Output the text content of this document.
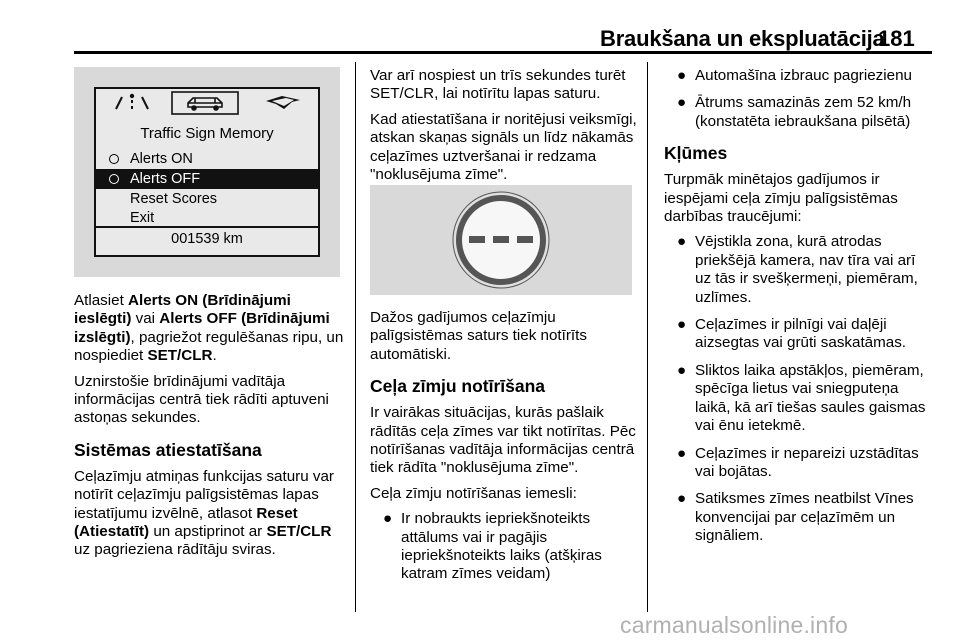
Braukšana un ekspluatācija
181
Traffic Sign Memory
Alerts ON
Alerts OFF
Reset Scores
Exit
001539 km

Atlasiet Alerts ON (Brīdinājumi ieslēgti) vai Alerts OFF (Brīdinājumi izslēgti), pagriežot regulēšanas ripu, un nospiediet SET/CLR.

Uznirstošie brīdinājumi vadītāja informācijas centrā tiek rādīti aptuveni astoņas sekundes.

Sistēmas atiestatīšana

Ceļazīmju atmiņas funkcijas saturu var notīrīt ceļazīmju palīgsistēmas lapas iestatījumu izvēlnē, atlasot Reset (Atiestatīt) un apstiprinot ar SET/CLR uz pagrieziena rādītāju sviras.

Var arī nospiest un trīs sekundes turēt SET/CLR, lai notīrītu lapas saturu.

Kad atiestatīšana ir noritējusi veiksmīgi, atskan skaņas signāls un līdz nākamās ceļazīmes uztveršanai ir redzama "noklusējuma zīme".

Dažos gadījumos ceļazīmju palīgsistēmas saturs tiek notīrīts automātiski.

Ceļa zīmju notīrīšana

Ir vairākas situācijas, kurās pašlaik rādītās ceļa zīmes var tikt notīrītas. Pēc notīrīšanas vadītāja informācijas centrā tiek rādīta "noklusējuma zīme".

Ceļa zīmju notīrīšanas iemesli:

● Ir nobraukts iepriekšnoteikts attālums vai ir pagājis iepriekšnoteikts laiks (atšķiras katram zīmes veidam)
● Automašīna izbrauc pagriezienu
● Ātrums samazinās zem 52 km/h (konstatēta iebraukšana pilsētā)
Kļūmes

Turpmāk minētajos gadījumos ir iespējami ceļa zīmju palīgsistēmas darbības traucējumi:

● Vējstikla zona, kurā atrodas priekšējā kamera, nav tīra vai arī uz tās ir svešķermeņi, piemēram, uzlīmes.
● Ceļazīmes ir pilnīgi vai daļēji aizsegtas vai grūti saskatāmas.
● Sliktos laika apstākļos, piemēram, spēcīga lietus vai sniegputeņa laikā, kā arī tiešas saules gaismas vai ēnu ietekmē.
● Ceļazīmes ir nepareizi uzstādītas vai bojātas.
● Satiksmes zīmes neatbilst Vīnes konvencijai par ceļazīmēm un signāliem.
carmanualsonline.info
